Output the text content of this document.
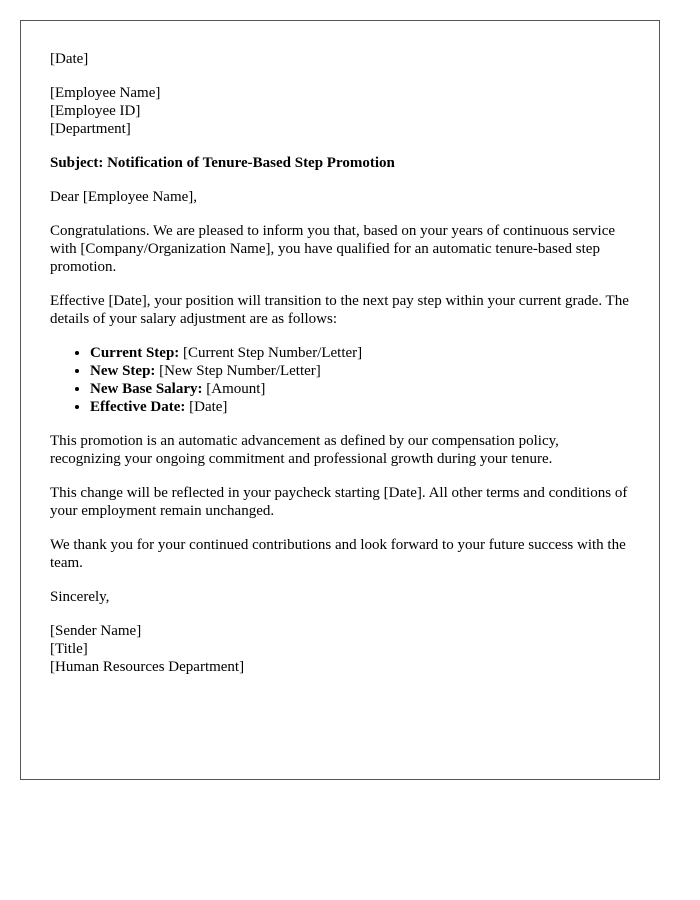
[Date]
[Employee Name]
[Employee ID]
[Department]
Subject: Notification of Tenure-Based Step Promotion
Dear [Employee Name],
Congratulations. We are pleased to inform you that, based on your years of continuous service with [Company/Organization Name], you have qualified for an automatic tenure-based step promotion.
Effective [Date], your position will transition to the next pay step within your current grade. The details of your salary adjustment are as follows:
• Current Step: [Current Step Number/Letter]
• New Step: [New Step Number/Letter]
• New Base Salary: [Amount]
• Effective Date: [Date]
This promotion is an automatic advancement as defined by our compensation policy, recognizing your ongoing commitment and professional growth during your tenure.
This change will be reflected in your paycheck starting [Date]. All other terms and conditions of your employment remain unchanged.
We thank you for your continued contributions and look forward to your future success with the team.
Sincerely,
[Sender Name]
[Title]
[Human Resources Department]
